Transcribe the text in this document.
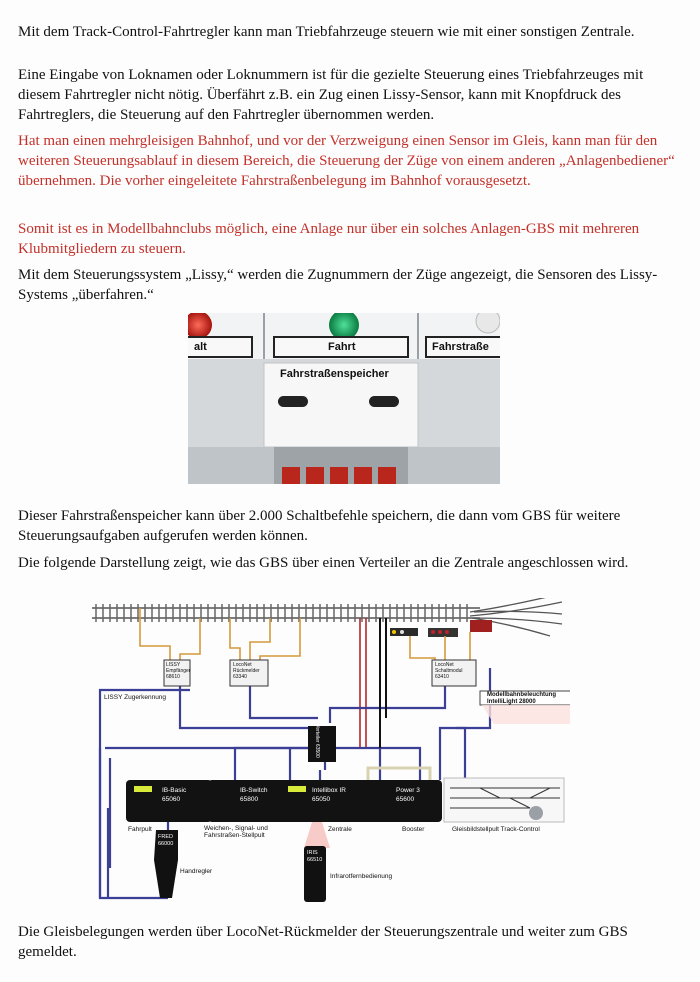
Mit dem Track-Control-Fahrtregler kann man Triebfahrzeuge steuern wie mit einer sonstigen Zentrale.

Eine Eingabe von Loknamen oder Loknummern ist für die gezielte Steuerung eines Triebfahrzeuges mit diesem Fahrtregler nicht nötig. Überfährt z.B. ein Zug einen Lissy-Sensor, kann mit Knopfdruck des Fahrtreglers, die Steuerung auf den Fahrtregler übernommen werden.

Hat man einen mehrgleisigen Bahnhof, und vor der Verzweigung einen Sensor im Gleis, kann man für den weiteren Steuerungsablauf in diesem Bereich, die Steuerung der Züge von einem anderen „Anlagenbediener“ übernehmen. Die vorher eingeleitete Fahrstraßenbelegung im Bahnhof vorausgesetzt.

Somit ist es in Modellbahnclubs möglich, eine Anlage nur über ein solches Anlagen-GBS mit mehreren Klubmitgliedern zu steuern.

Mit dem Steuerungssystem „Lissy,“ werden die Zugnummern der Züge angezeigt, die Sensoren des Lissy-Systems „überfahren.“

alt	Fahrt	Fahrstraße
Fahrstraßenspeicher

Dieser Fahrstraßenspeicher kann über 2.000 Schaltbefehle speichern, die dann vom GBS für weitere Steuerungsaufgaben aufgerufen werden können.

Die folgende Darstellung zeigt, wie das GBS über einen Verteiler an die Zentrale angeschlossen wird.

LISSY
Empfänger
68610
LocoNet
Rückmelder
63340
LocoNet
Schaltmodul
63410
LISSY Zugerkennung	Modellbahnbeleuchtung
IntelliLight 28000
Verteiler 63500
IB-Basic
65060
IB-Switch
65800
Intellibox IR
65050
Power 3
65600
Fahrpult	Weichen-, Signal- und
Fahrstraßen-Stellpult
Zentrale	Booster	Gleisbildstellpult Track-Control
FRED
66000
Handregler
IRIS
66510
Infrarotfernbedienung

Die Gleisbelegungen werden über LocoNet-Rückmelder der Steuerungszentrale und weiter zum GBS gemeldet.
